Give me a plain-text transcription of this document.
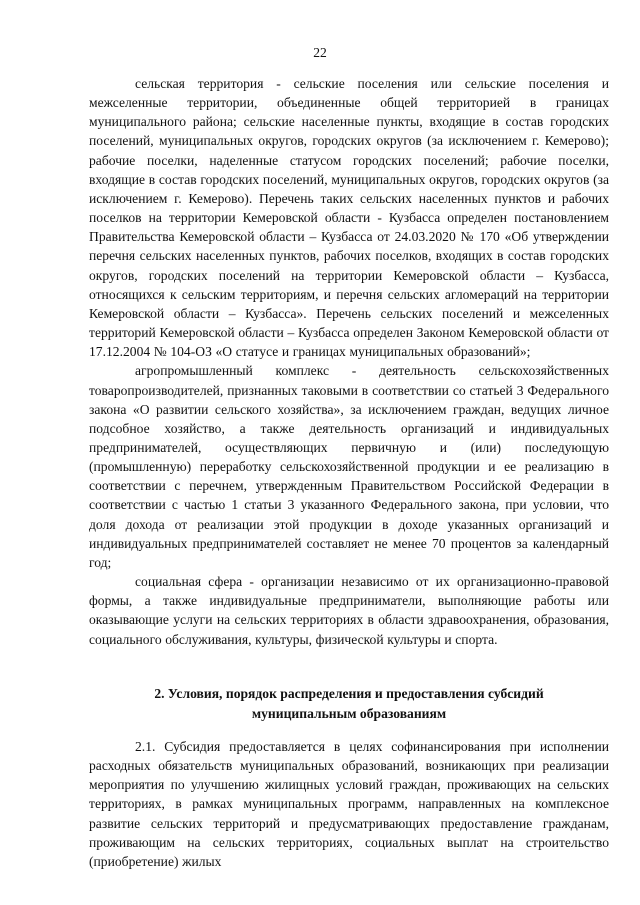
22

сельская территория - сельские поселения или сельские поселения и межселенные территории, объединенные общей территорией в границах муниципального района; сельские населенные пункты, входящие в состав городских поселений, муниципальных округов, городских округов (за исключением г. Кемерово); рабочие поселки, наделенные статусом городских поселений; рабочие поселки, входящие в состав городских поселений, муниципальных округов, городских округов (за исключением г. Кемерово). Перечень таких сельских населенных пунктов и рабочих поселков на территории Кемеровской области - Кузбасса определен постановлением Правительства Кемеровской области – Кузбасса от 24.03.2020 № 170 «Об утверждении перечня сельских населенных пунктов, рабочих поселков, входящих в состав городских округов, городских поселений на территории Кемеровской области – Кузбасса, относящихся к сельским территориям, и перечня сельских агломераций на территории Кемеровской области – Кузбасса». Перечень сельских поселений и межселенных территорий Кемеровской области – Кузбасса определен Законом Кемеровской области от 17.12.2004 № 104-ОЗ «О статусе и границах муниципальных образований»;

агропромышленный комплекс - деятельность сельскохозяйственных товаропроизводителей, признанных таковыми в соответствии со статьей 3 Федерального закона «О развитии сельского хозяйства», за исключением граждан, ведущих личное подсобное хозяйство, а также деятельность организаций и индивидуальных предпринимателей, осуществляющих первичную и (или) последующую (промышленную) переработку сельскохозяйственной продукции и ее реализацию в соответствии с перечнем, утвержденным Правительством Российской Федерации в соответствии с частью 1 статьи 3 указанного Федерального закона, при условии, что доля дохода от реализации этой продукции в доходе указанных организаций и индивидуальных предпринимателей составляет не менее 70 процентов за календарный год;

социальная сфера - организации независимо от их организационно-правовой формы, а также индивидуальные предприниматели, выполняющие работы или оказывающие услуги на сельских территориях в области здравоохранения, образования, социального обслуживания, культуры, физической культуры и спорта.

2. Условия, порядок распределения и предоставления субсидий
муниципальным образованиям

2.1. Субсидия предоставляется в целях софинансирования при исполнении расходных обязательств муниципальных образований, возникающих при реализации мероприятия по улучшению жилищных условий граждан, проживающих на сельских территориях, в рамках муниципальных программ, направленных на комплексное развитие сельских территорий и предусматривающих предоставление гражданам, проживающим на сельских территориях, социальных выплат на строительство (приобретение) жилых
